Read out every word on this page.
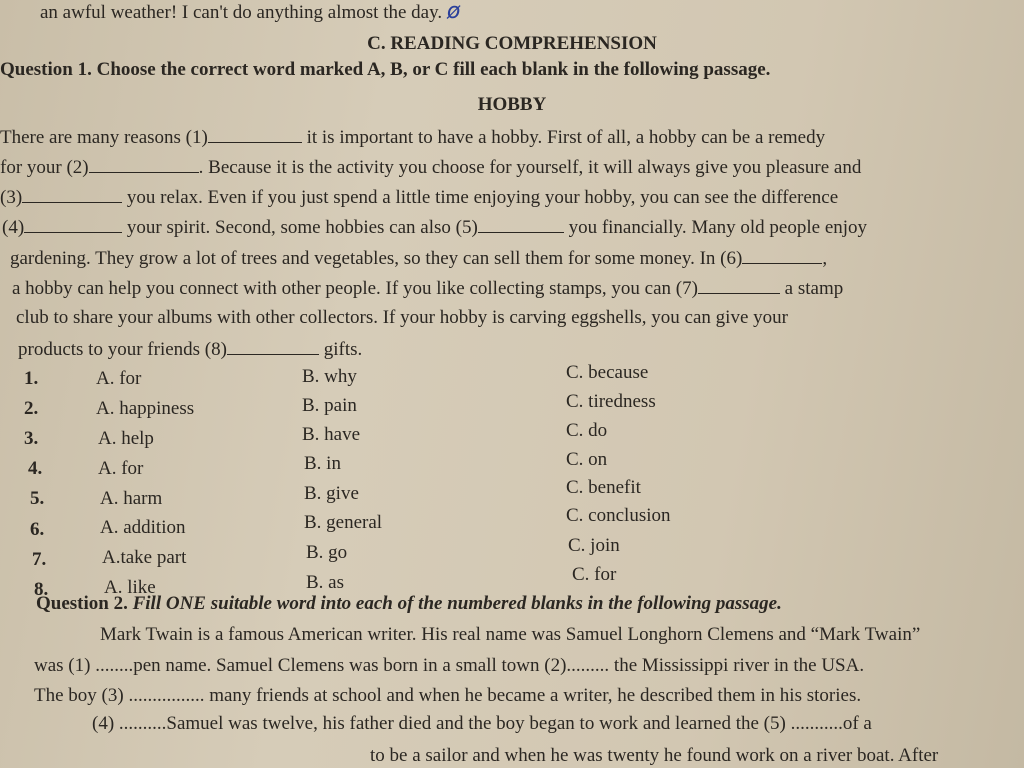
an awful weather! I can't do anything almost the day. ø
C. READING COMPREHENSION
Question 1. Choose the correct word marked A, B, or C fill each blank in the following passage.
HOBBY
There are many reasons (1)	it is important to have a hobby. First of all, a hobby can be a remedy
for your (2)	. Because it is the activity you choose for yourself, it will always give you pleasure and
(3)	you relax. Even if you just spend a little time enjoying your hobby, you can see the difference
(4)	your spirit. Second, some hobbies can also (5)	you financially. Many old people enjoy
gardening. They grow a lot of trees and vegetables, so they can sell them for some money. In (6)	,
a hobby can help you connect with other people. If you like collecting stamps, you can (7)	a stamp
club to share your albums with other collectors. If your hobby is carving eggshells, you can give your
products to your friends (8)	gifts.
1.	A. for	B. why	C. because
2.	A. happiness	B. pain	C. tiredness
3.	A. help	B. have	C. do
4.	A. for	B. in	C. on
5.	A. harm	B. give	C. benefit
6.	A. addition	B. general	C. conclusion
7.	A.take part	B. go	C. join
8.	A. like	B. as	C. for
Question 2. Fill ONE suitable word into each of the numbered blanks in the following passage.
Mark Twain is a famous American writer. His real name was Samuel Longhorn Clemens and “Mark Twain”
was (1) ........pen name. Samuel Clemens was born in a small town (2)......... the Mississippi river in the USA.
The boy (3) ................ many friends at school and when he became a writer, he described them in his stories.
(4) ..........Samuel was twelve, his father died and the boy began to work and learned the (5) ...........of a
to be a sailor and when he was twenty he found work on a river boat. After
